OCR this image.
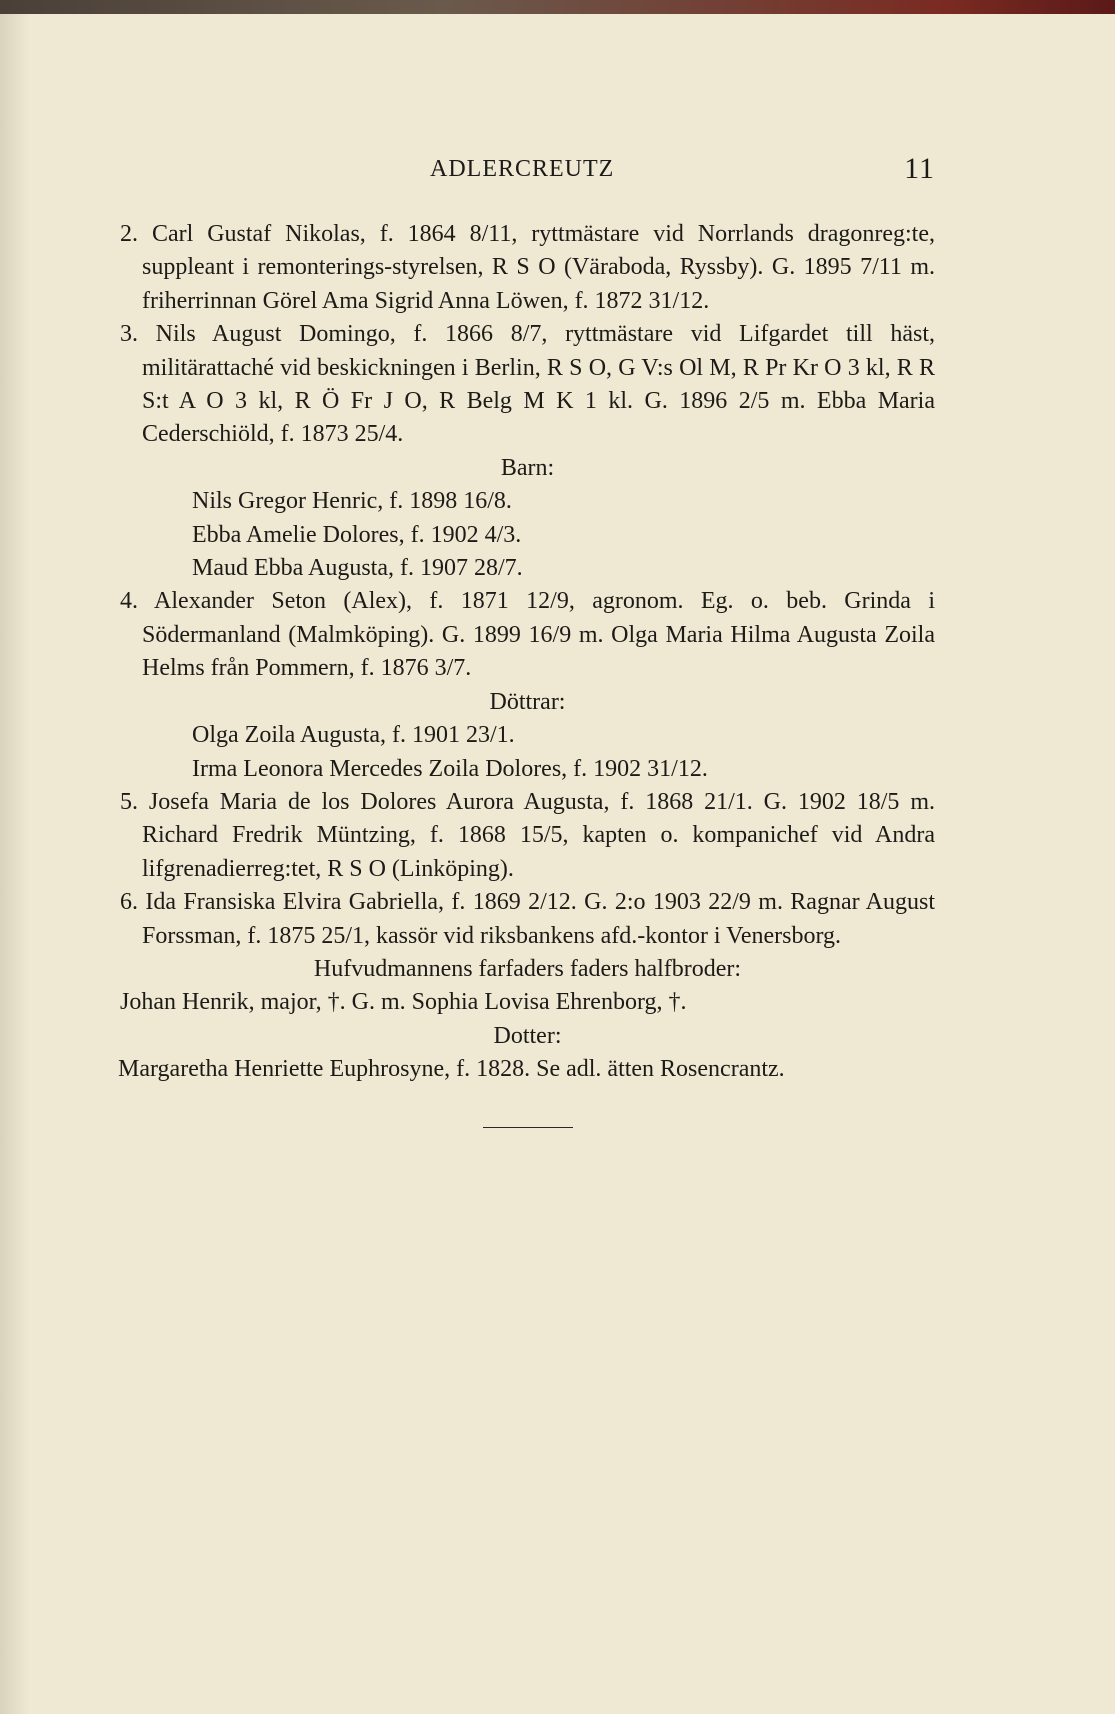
ADLERCREUTZ	11
2. Carl Gustaf Nikolas, f. 1864 8/11, ryttmästare vid Norrlands dragonreg:te, suppleant i remonterings-styrelsen, R S O (Väraboda, Ryssby). G. 1895 7/11 m. friherrinnan Görel Ama Sigrid Anna Löwen, f. 1872 31/12.
3. Nils August Domingo, f. 1866 8/7, ryttmästare vid Lifgardet till häst, militärattaché vid beskickningen i Berlin, R S O, G V:s Ol M, R Pr Kr O 3 kl, R R S:t A O 3 kl, R Ö Fr J O, R Belg M K 1 kl. G. 1896 2/5 m. Ebba Maria Cederschiöld, f. 1873 25/4.
Barn:
Nils Gregor Henric, f. 1898 16/8.
Ebba Amelie Dolores, f. 1902 4/3.
Maud Ebba Augusta, f. 1907 28/7.
4. Alexander Seton (Alex), f. 1871 12/9, agronom. Eg. o. beb. Grinda i Södermanland (Malmköping). G. 1899 16/9 m. Olga Maria Hilma Augusta Zoila Helms från Pommern, f. 1876 3/7.
Döttrar:
Olga Zoila Augusta, f. 1901 23/1.
Irma Leonora Mercedes Zoila Dolores, f. 1902 31/12.
5. Josefa Maria de los Dolores Aurora Augusta, f. 1868 21/1. G. 1902 18/5 m. Richard Fredrik Müntzing, f. 1868 15/5, kapten o. kompanichef vid Andra lifgrenadierreg:tet, R S O (Linköping).
6. Ida Fransiska Elvira Gabriella, f. 1869 2/12. G. 2:o 1903 22/9 m. Ragnar August Forssman, f. 1875 25/1, kassör vid riksbankens afd.-kontor i Venersborg.
Hufvudmannens farfaders faders halfbroder:
Johan Henrik, major, †. G. m. Sophia Lovisa Ehrenborg, †.
Dotter:
Margaretha Henriette Euphrosyne, f. 1828. Se adl. ätten Rosencrantz.
